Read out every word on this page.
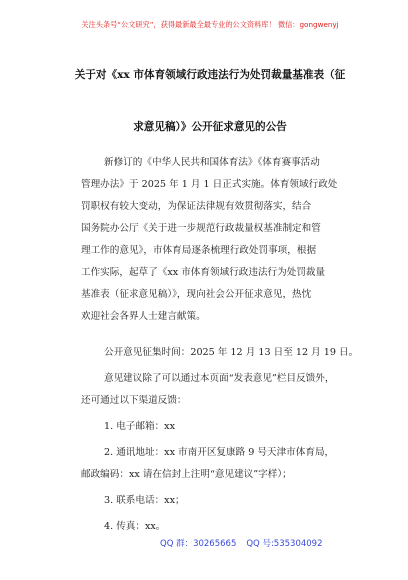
关注头条号“公文研究”，获得最新最全最专业的公文资料库！ 微信：gongwenyj
关于对《xx 市体育领域行政违法行为处罚裁量基准表（征
求意见稿）》公开征求意见的公告
新修订的《中华人民共和国体育法》《体育赛事活动
管理办法》于 2025 年 1 月 1 日正式实施。体育领域行政处
罚职权有较大变动，为保证法律规有效贯彻落实，结合
国务院办公厅《关于进一步规范行政裁量权基准制定和管
理工作的意见》，市体育局逐条梳理行政处罚事项，根据
工作实际，起草了《xx 市体育领域行政违法行为处罚裁量
基准表（征求意见稿）》，现向社会公开征求意见，热忱
欢迎社会各界人士建言献策。
公开意见征集时间：2025 年 12 月 13 日至 12 月 19 日。
意见建议除了可以通过本页面“发表意见”栏目反馈外，
还可通过以下渠道反馈：
1. 电子邮箱：xx
2. 通讯地址：xx 市南开区复康路 9 号天津市体育局，
邮政编码：xx 请在信封上注明“意见建议”字样）；
3. 联系电话：xx；
4. 传真：xx。
QQ 群：30265665 QQ 号:535304092
